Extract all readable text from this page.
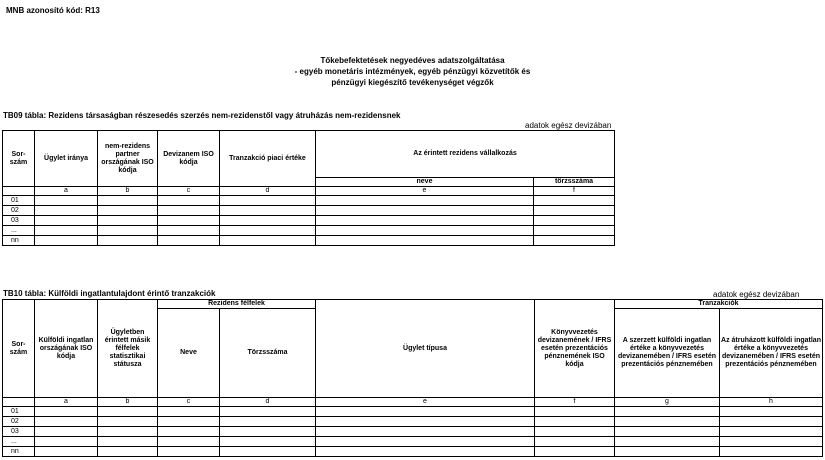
MNB azonosító kód: R13
Tőkebefektetések negyedéves adatszolgáltatása
- egyéb monetáris intézmények, egyéb pénzügyi közvetítők és
pénzügyi kiegészítő tevékenységet végzők
TB09 tábla: Rezidens társaságban részesedés szerzés nem-rezidenstől vagy átruházás nem-rezidensnek
adatok egész devizában
Sor-szám	Ügylet iránya	nem-rezidens partner országának ISO kódja	Devizanem ISO kódja	Tranzakció piaci értéke	Az érintett rezidens vállalkozás	
					neve	törzsszáma
	a	b	c	d	e	f
01						
02						
03						
...						
nn						
TB10 tábla: Külföldi ingatlantulajdont érintő tranzakciók	adatok egész devizában
Sor-szám	Külföldi ingatlan országának ISO kódja	Ügyletben érintett másik félfelek statisztikai státusza	Rezidens félfelek		Ügylet típusa	Könyvvezetés devizanemének / IFRS esetén prezentációs pénznemének ISO kódja	Tranzakciók	
			Neve	Törzsszáma			A szerzett külföldi ingatlan értéke a könyvvezetés devizanemében / IFRS esetén prezentációs pénznemében	Az átruházott külföldi ingatlan értéke a könyvvezetés devizanemében / IFRS esetén prezentációs pénznemében
	a	b	c	d	e	f	g	h
01								
02								
03								
...								
nn								
